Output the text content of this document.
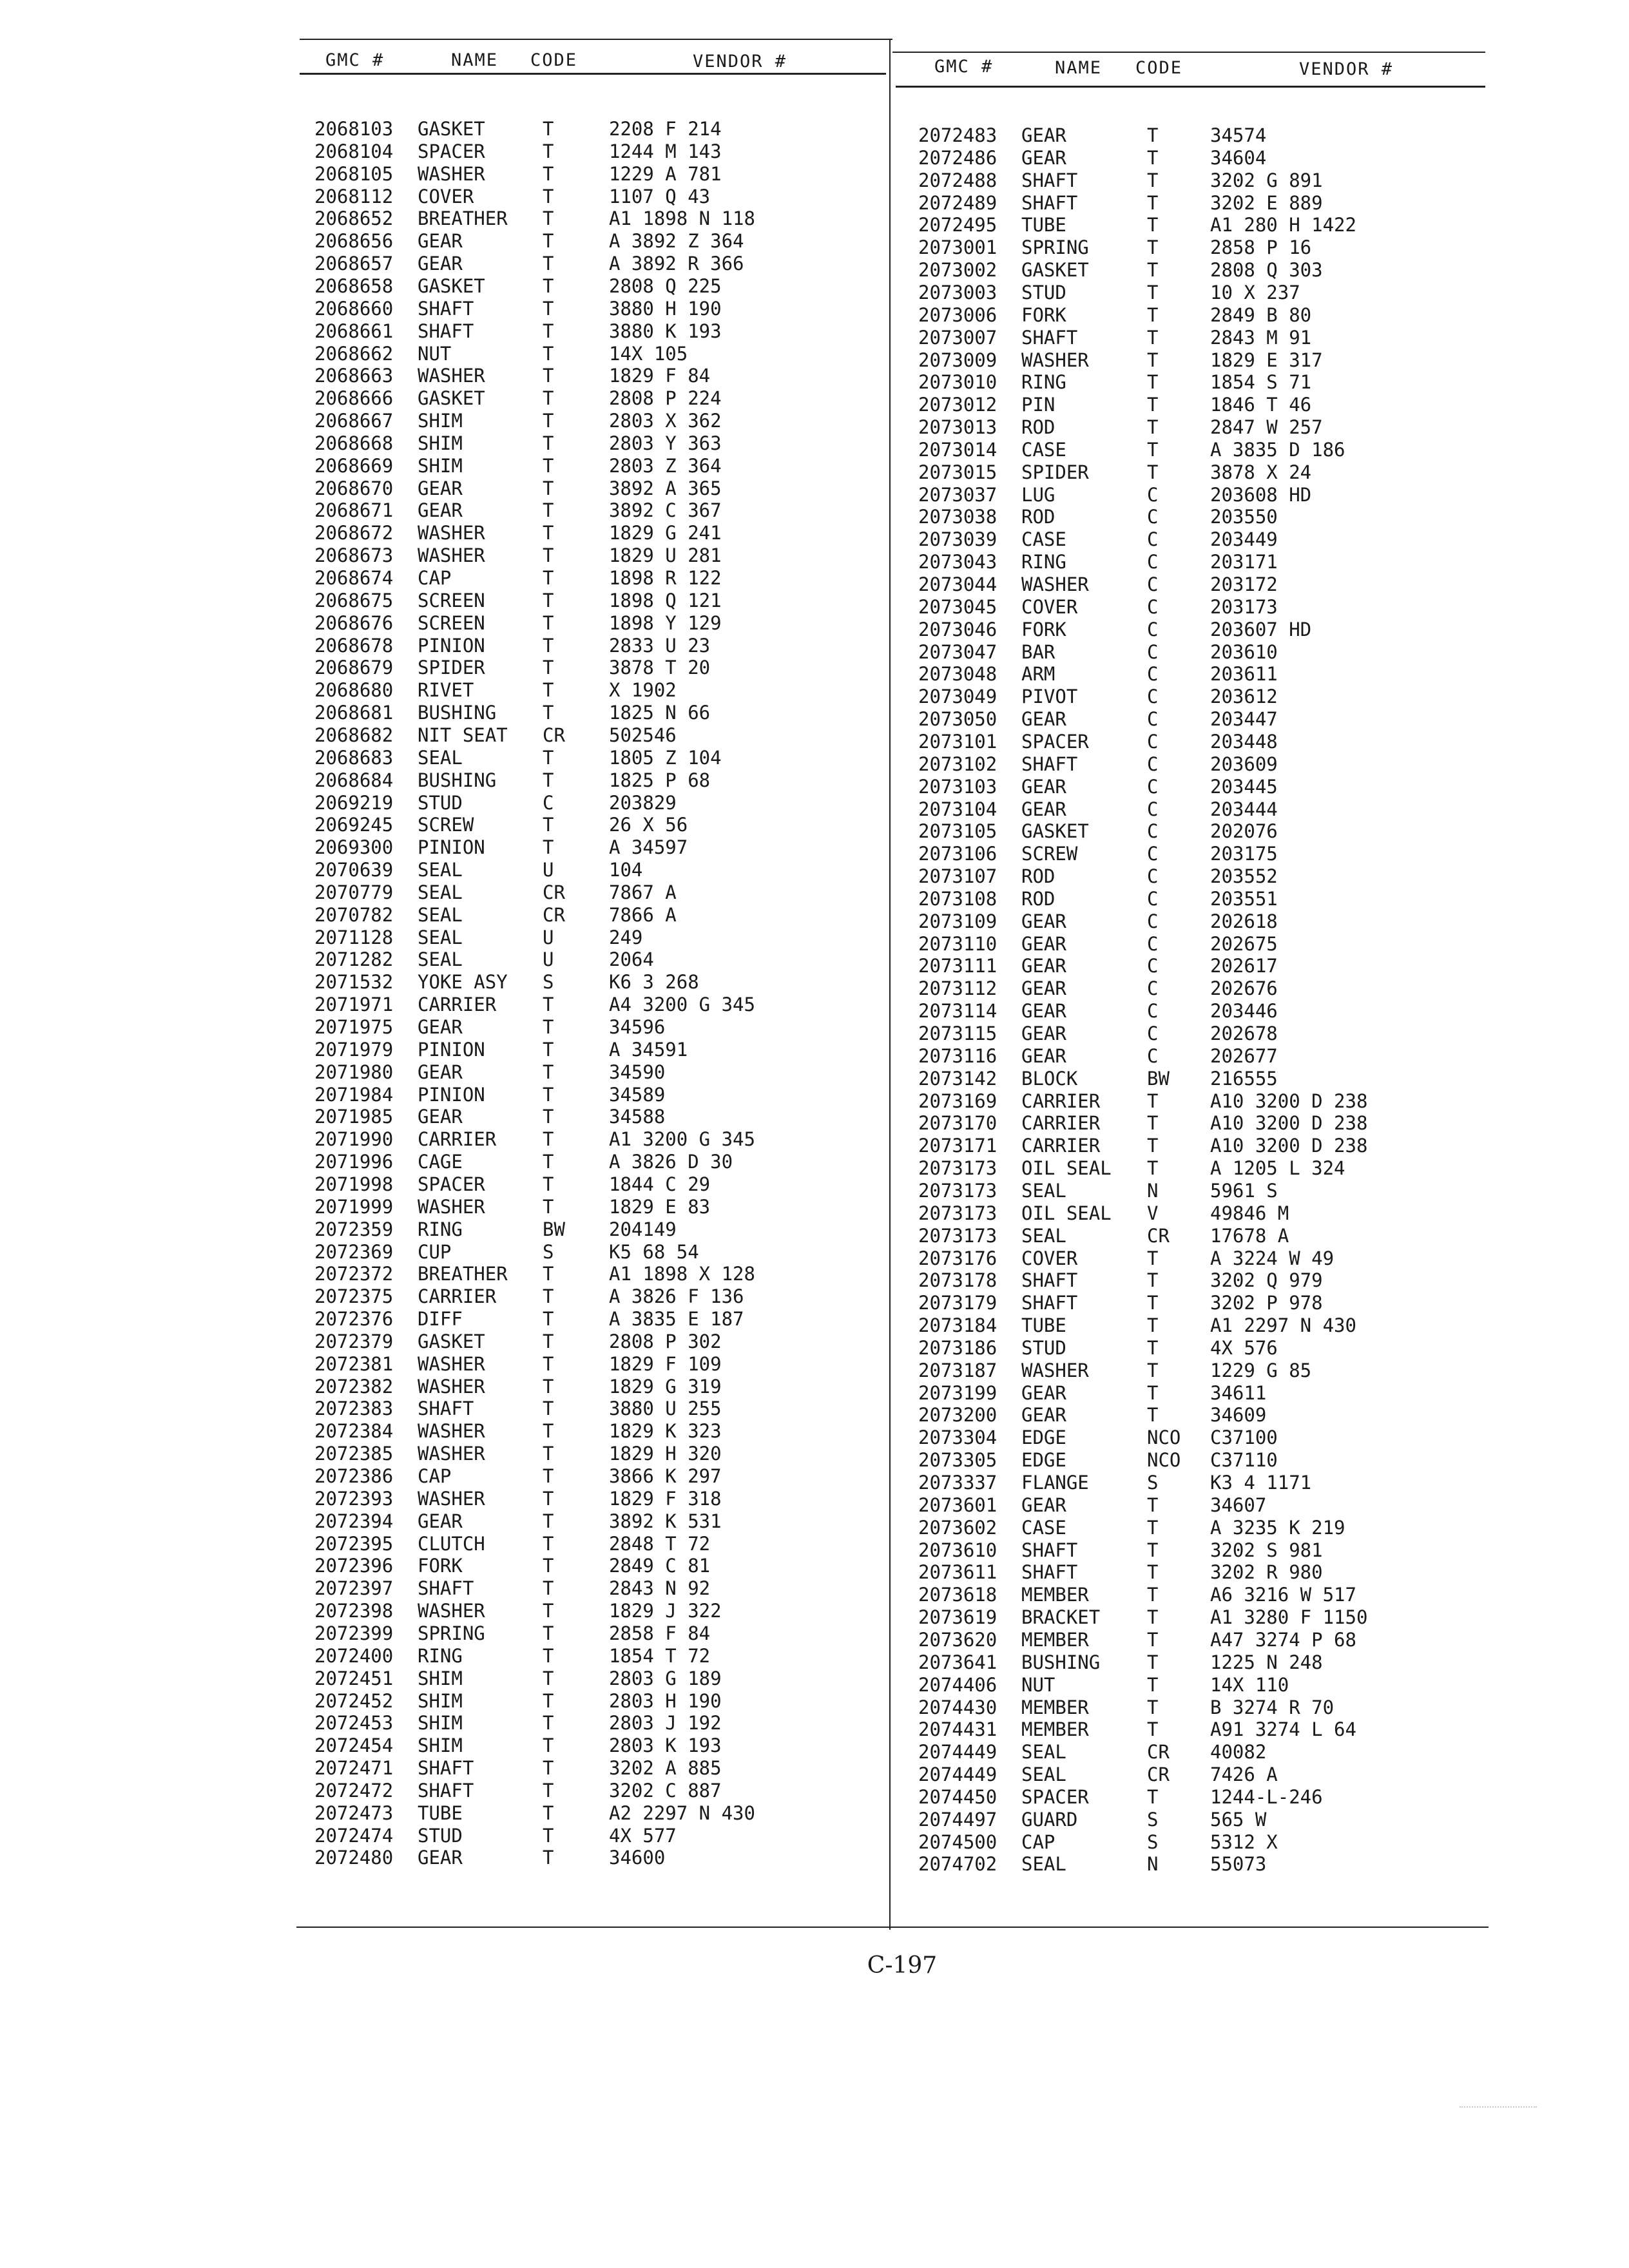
GMC #	NAME CODE	VENDOR #	GMC #	NAME CODE	VENDOR #
2068103 GASKET	T	2208 F 214
2068104 SPACER	T	1244 M 143
2068105 WASHER	T	1229 A 781
2068112 COVER	T	1107 Q 43
2068652 BREATHER T	A1 1898 N 118
2068656 GEAR	T	A 3892 Z 364
2068657 GEAR	T	A 3892 R 366
2068658 GASKET	T	2808 Q 225
2068660 SHAFT	T	3880 H 190
2068661 SHAFT	T	3880 K 193
2068662 NUT	T	14X 105
2068663 WASHER	T	1829 F 84
2068666 GASKET	T	2808 P 224
2068667 SHIM	T	2803 X 362
2068668 SHIM	T	2803 Y 363
2068669 SHIM	T	2803 Z 364
2068670 GEAR	T	3892 A 365
2068671 GEAR	T	3892 C 367
2068672 WASHER	T	1829 G 241
2068673 WASHER	T	1829 U 281
2068674 CAP	T	1898 R 122
2068675 SCREEN	T	1898 Q 121
2068676 SCREEN	T	1898 Y 129
2068678 PINION	T	2833 U 23
2068679 SPIDER	T	3878 T 20
2068680 RIVET	T	X 1902
2068681 BUSHING T	1825 N 66
2068682 NIT SEAT CR 502546
2068683 SEAL	T	1805 Z 104
2068684 BUSHING T	1825 P 68
2069219 STUD	C	203829
2069245 SCREW	T	26 X 56
2069300 PINION	T	A 34597
2070639 SEAL	U	104
2070779 SEAL	CR 7867 A
2070782 SEAL	CR 7866 A
2071128 SEAL	U	249
2071282 SEAL	U	2064
2071532 YOKE ASY S	K6 3 268
2071971 CARRIER T	A4 3200 G 345
2071975 GEAR	T	34596
2071979 PINION	T	A 34591
2071980 GEAR	T	34590
2071984 PINION	T	34589
2071985 GEAR	T	34588
2071990 CARRIER T	A1 3200 G 345
2071996 CAGE	T	A 3826 D 30
2071998 SPACER	T	1844 C 29
2071999 WASHER	T	1829 E 83
2072359 RING	BW 204149
2072369 CUP	S	K5 68 54
2072372 BREATHER T	A1 1898 X 128
2072375 CARRIER T	A 3826 F 136
2072376 DIFF	T	A 3835 E 187
2072379 GASKET	T	2808 P 302
2072381 WASHER	T	1829 F 109
2072382 WASHER	T	1829 G 319
2072383 SHAFT	T	3880 U 255
2072384 WASHER	T	1829 K 323
2072385 WASHER	T	1829 H 320
2072386 CAP	T	3866 K 297
2072393 WASHER	T	1829 F 318
2072394 GEAR	T	3892 K 531
2072395 CLUTCH	T	2848 T 72
2072396 FORK	T	2849 C 81
2072397 SHAFT	T	2843 N 92
2072398 WASHER	T	1829 J 322
2072399 SPRING	T	2858 F 84
2072400 RING	T	1854 T 72
2072451 SHIM	T	2803 G 189
2072452 SHIM	T	2803 H 190
2072453 SHIM	T	2803 J 192
2072454 SHIM	T	2803 K 193
2072471 SHAFT	T	3202 A 885
2072472 SHAFT	T	3202 C 887
2072473 TUBE	T	A2 2297 N 430
2072474 STUD	T	4X 577
2072480 GEAR	T	34600
2072483 GEAR	T	34574
2072486 GEAR	T	34604
2072488 SHAFT	T	3202 G 891
2072489 SHAFT	T	3202 E 889
2072495 TUBE	T	A1 280 H 1422
2073001 SPRING	T	2858 P 16
2073002 GASKET	T	2808 Q 303
2073003 STUD	T	10 X 237
2073006 FORK	T	2849 B 80
2073007 SHAFT	T	2843 M 91
2073009 WASHER	T	1829 E 317
2073010 RING	T	1854 S 71
2073012 PIN	T	1846 T 46
2073013 ROD	T	2847 W 257
2073014 CASE	T	A 3835 D 186
2073015 SPIDER	T	3878 X 24
2073037 LUG	C	203608 HD
2073038 ROD	C	203550
2073039 CASE	C	203449
2073043 RING	C	203171
2073044 WASHER	C	203172
2073045 COVER	C	203173
2073046 FORK	C	203607 HD
2073047 BAR	C	203610
2073048 ARM	C	203611
2073049 PIVOT	C	203612
2073050 GEAR	C	203447
2073101 SPACER	C	203448
2073102 SHAFT	C	203609
2073103 GEAR	C	203445
2073104 GEAR	C	203444
2073105 GASKET	C	202076
2073106 SCREW	C	203175
2073107 ROD	C	203552
2073108 ROD	C	203551
2073109 GEAR	C	202618
2073110 GEAR	C	202675
2073111 GEAR	C	202617
2073112 GEAR	C	202676
2073114 GEAR	C	203446
2073115 GEAR	C	202678
2073116 GEAR	C	202677
2073142 BLOCK	BW 216555
2073169 CARRIER	T	A10 3200 D 238
2073170 CARRIER	T	A10 3200 D 238
2073171 CARRIER	T	A10 3200 D 238
2073173 OIL SEAL T	A 1205 L 324
2073173 SEAL	N	5961 S
2073173 OIL SEAL V	49846 M
2073173 SEAL	CR 17678 A
2073176 COVER	T	A 3224 W 49
2073178 SHAFT	T	3202 Q 979
2073179 SHAFT	T	3202 P 978
2073184 TUBE	T	A1 2297 N 430
2073186 STUD	T	4X 576
2073187 WASHER	T	1229 G 85
2073199 GEAR	T	34611
2073200 GEAR	T	34609
2073304 EDGE	NCO C37100
2073305 EDGE	NCO C37110
2073337 FLANGE	S	K3 4 1171
2073601 GEAR	T	34607
2073602 CASE	T	A 3235 K 219
2073610 SHAFT	T	3202 S 981
2073611 SHAFT	T	3202 R 980
2073618 MEMBER	T	A6 3216 W 517
2073619 BRACKET	T	A1 3280 F 1150
2073620 MEMBER	T	A47 3274 P 68
2073641 BUSHING	T	1225 N 248
2074406 NUT	T	14X 110
2074430 MEMBER	T	B 3274 R 70
2074431 MEMBER	T	A91 3274 L 64
2074449 SEAL	CR 40082
2074449 SEAL	CR 7426 A
2074450 SPACER	T	1244-L-246
2074497 GUARD	S	565 W
2074500 CAP	S	5312 X
2074702 SEAL	N	55073
C-197
